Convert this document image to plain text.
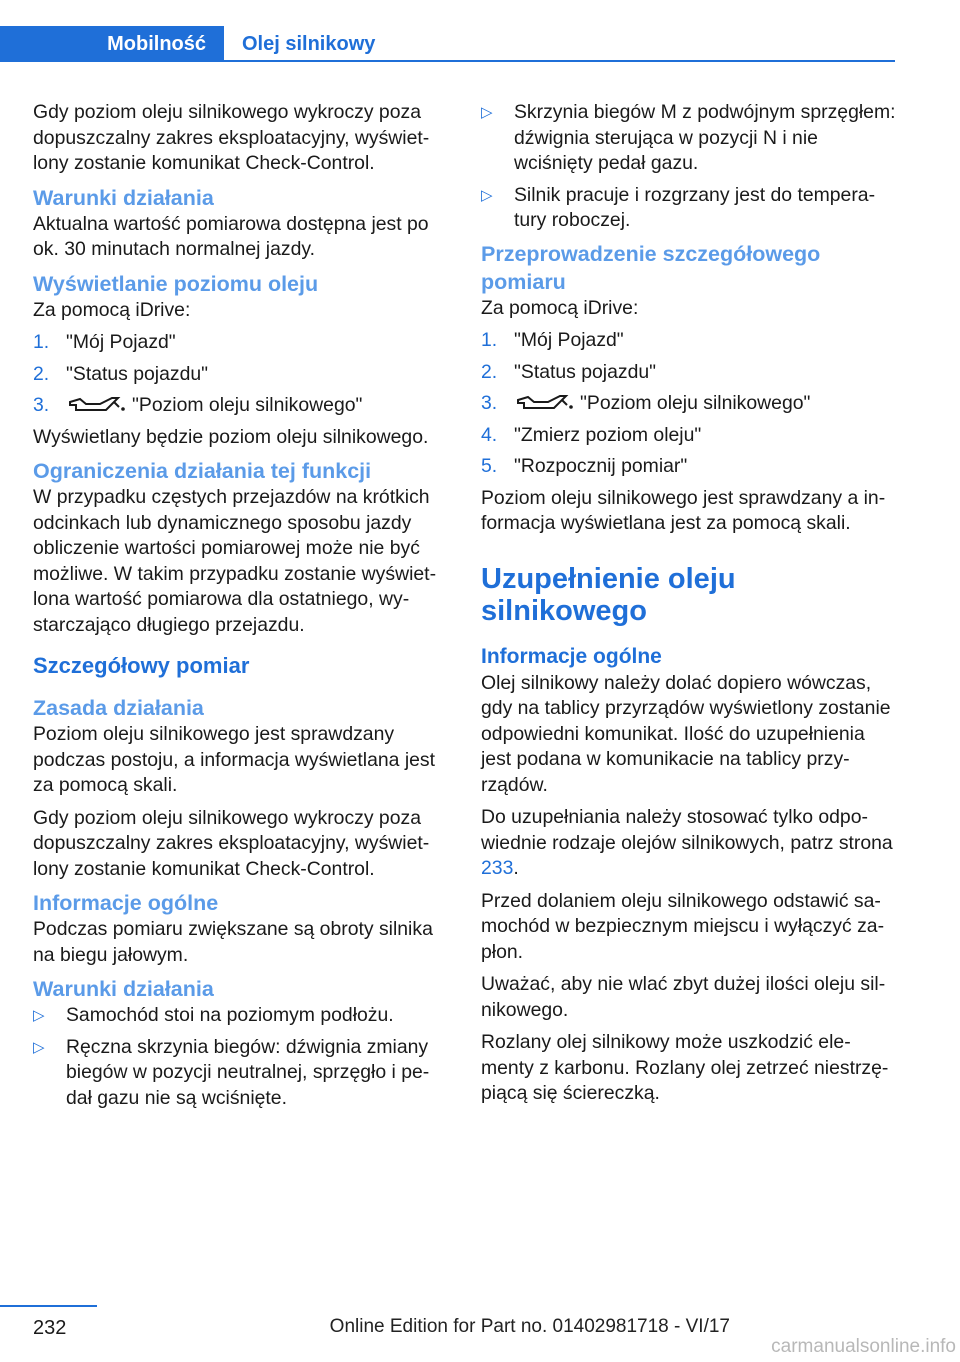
Mobilność	Olej silnikowy

Gdy poziom oleju silnikowego wykroczy poza dopuszczalny zakres eksploatacyjny, wyświetlony zostanie komunikat Check-Control.

Warunki działania

Aktualna wartość pomiarowa dostępna jest po ok. 30 minutach normalnej jazdy.

Wyświetlanie poziomu oleju

Za pomocą iDrive:

1. "Mój Pojazd"
2. "Status pojazdu"
3.	"Poziom oleju silnikowego"

Wyświetlany będzie poziom oleju silnikowego.

Ograniczenia działania tej funkcji

W przypadku częstych przejazdów na krótkich odcinkach lub dynamicznego sposobu jazdy obliczenie wartości pomiarowej może nie być możliwe. W takim przypadku zostanie wyświetlona wartość pomiarowa dla ostatniego, wystarczająco długiego przejazdu.

Szczegółowy pomiar
Zasada działania

Poziom oleju silnikowego jest sprawdzany podczas postoju, a informacja wyświetlana jest za pomocą skali.

Gdy poziom oleju silnikowego wykroczy poza dopuszczalny zakres eksploatacyjny, wyświetlony zostanie komunikat Check-Control.

Informacje ogólne

Podczas pomiaru zwiększane są obroty silnika na biegu jałowym.

Warunki działania
▷	Samochód stoi na poziomym podłożu.
▷	Ręczna skrzynia biegów: dźwignia zmiany biegów w pozycji neutralnej, sprzęgło i pedał gazu nie są wciśnięte.
▷	Skrzynia biegów M z podwójnym sprzęgłem: dźwignia sterująca w pozycji N i nie wciśnięty pedał gazu.
▷	Silnik pracuje i rozgrzany jest do temperatury roboczej.
Przeprowadzenie szczegółowego pomiaru

Za pomocą iDrive:

1. "Mój Pojazd"
2. "Status pojazdu"
3.	"Poziom oleju silnikowego"
4. "Zmierz poziom oleju"
5. "Rozpocznij pomiar"

Poziom oleju silnikowego jest sprawdzany a informacja wyświetlana jest za pomocą skali.

Uzupełnienie oleju silnikowego
Informacje ogólne

Olej silnikowy należy dolać dopiero wówczas, gdy na tablicy przyrządów wyświetlony zostanie odpowiedni komunikat. Ilość do uzupełnienia jest podana w komunikacie na tablicy przyrządów.

Do uzupełniania należy stosować tylko odpowiednie rodzaje olejów silnikowych, patrz strona 233.

Przed dolaniem oleju silnikowego odstawić samochód w bezpiecznym miejscu i wyłączyć zapłon.

Uważać, aby nie wlać zbyt dużej ilości oleju silnikowego.

Rozlany olej silnikowy może uszkodzić elementy z karbonu. Rozlany olej zetrzeć niestrzępiącą się ściereczką.

232	Online Edition for Part no. 01402981718 - VI/17
carmanualsonline.info
